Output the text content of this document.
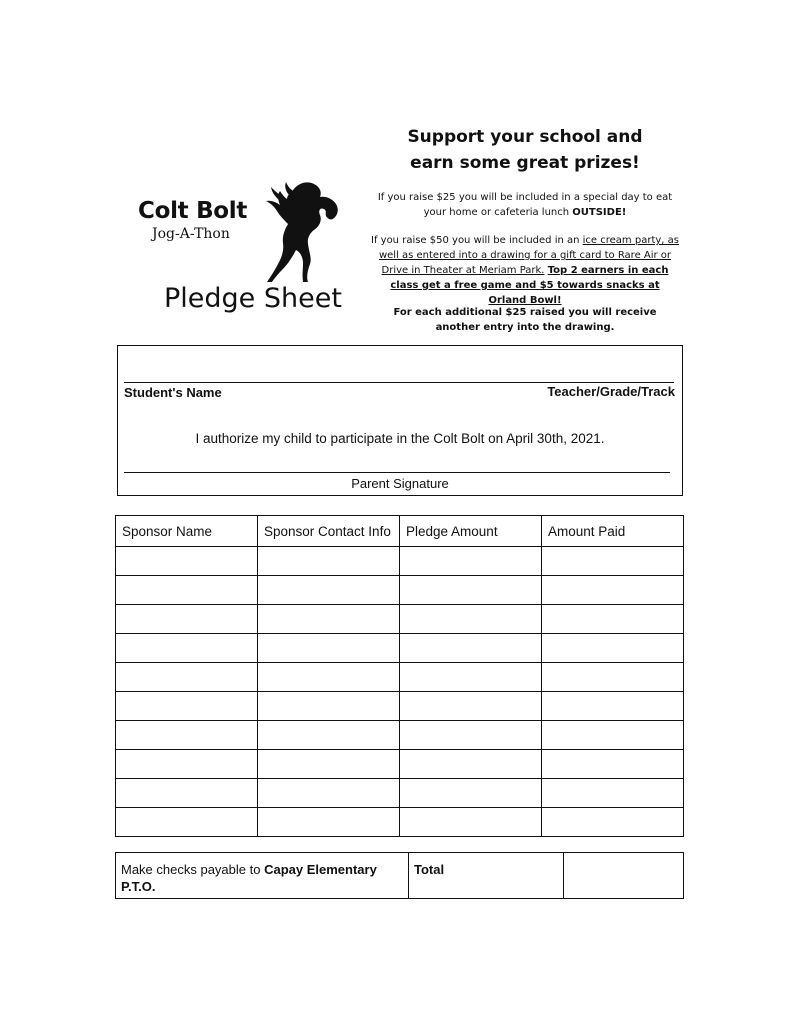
Colt Bolt
Jog-A-Thon
Pledge Sheet
Support your school and
earn some great prizes!
If you raise $25 you will be included in a special day to eat your home or cafeteria lunch OUTSIDE!
If you raise $50 you will be included in an ice cream party, as well as entered into a drawing for a gift card to Rare Air or Drive in Theater at Meriam Park. Top 2 earners in each class get a free game and $5 towards snacks at Orland Bowl!
For each additional $25 raised you will receive another entry into the drawing.
Student's Name	Teacher/Grade/Track
I authorize my child to participate in the Colt Bolt on April 30th, 2021.
Parent Signature
Sponsor Name	Sponsor Contact Info	Pledge Amount	Amount Paid

Make checks payable to Capay Elementary P.T.O.	Total	
